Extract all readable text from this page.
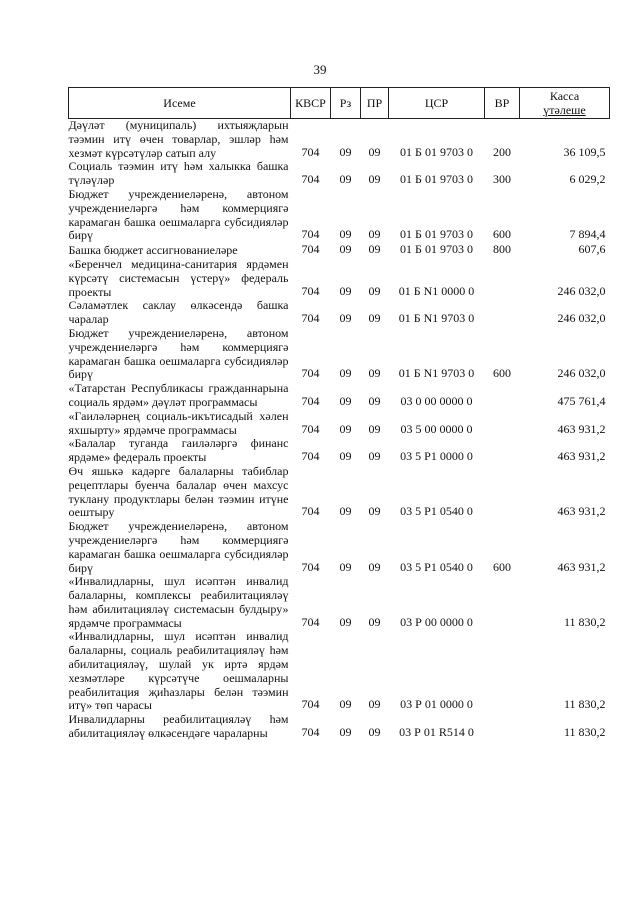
39
Исеме	КВСР	Рз	ПР	ЦСР	ВР	Касса
үтәлеше

Дәүләт (муниципаль) ихтыяҗларын тәэмин итү өчен товарлар, эшләр һәм хезмәт күрсәтүләр сатып алу	704	09	09	01 Б 01 9703 0	200	36 109,5
Социаль тәэмин итү һәм халыкка башка түләүләр	704	09	09	01 Б 01 9703 0	300	6 029,2
Бюджет учреждениеләренә, автоном учреждениеләргә һәм коммерциягә карамаган башка оешмаларга субсидияләр бирү	704	09	09	01 Б 01 9703 0	600	7 894,4
Башка бюджет ассигнованиеләре	704	09	09	01 Б 01 9703 0	800	607,6
«Беренчел медицина-санитария ярдәмен күрсәтү системасын үстерү» федераль проекты	704	09	09	01 Б N1 0000 0		246 032,0
Сәламәтлек саклау өлкәсендә башка чаралар	704	09	09	01 Б N1 9703 0		246 032,0
Бюджет учреждениеләренә, автоном учреждениеләргә һәм коммерциягә карамаган башка оешмаларга субсидияләр бирү	704	09	09	01 Б N1 9703 0	600	246 032,0
«Татарстан Республикасы гражданнарына социаль ярдәм» дәүләт программасы	704	09	09	03 0 00 0000 0		475 761,4
«Гаиләләрнең социаль-икътисадый хәлен яхшырту» ярдәмче программасы	704	09	09	03 5 00 0000 0		463 931,2
«Балалар туганда гаиләләргә финанс ярдәме» федераль проекты	704	09	09	03 5 P1 0000 0		463 931,2
Өч яшькә кадәрге балаларны табиблар рецептлары буенча балалар өчен махсус туклану продуктлары белән тәэмин итүне оештыру	704	09	09	03 5 P1 0540 0		463 931,2
Бюджет учреждениеләренә, автоном учреждениеләргә һәм коммерциягә карамаган башка оешмаларга субсидияләр бирү	704	09	09	03 5 P1 0540 0	600	463 931,2
«Инвалидларны, шул исәптән инвалид балаларны, комплексы реабилитацияләү һәм абилитацияләү системасын булдыру» ярдәмче программасы	704	09	09	03 Р 00 0000 0		11 830,2
«Инвалидларны, шул исәптән инвалид балаларны, социаль реабилитацияләү һәм абилитацияләү, шулай ук иртә ярдәм хезмәтләре күрсәтүче оешмаларны реабилитация җиһазлары белән тәэмин итү» төп чарасы	704	09	09	03 Р 01 0000 0		11 830,2
Инвалидларны реабилитацияләү һәм абилитацияләү өлкәсендәге чараларны	704	09	09	03 Р 01 R514 0		11 830,2
